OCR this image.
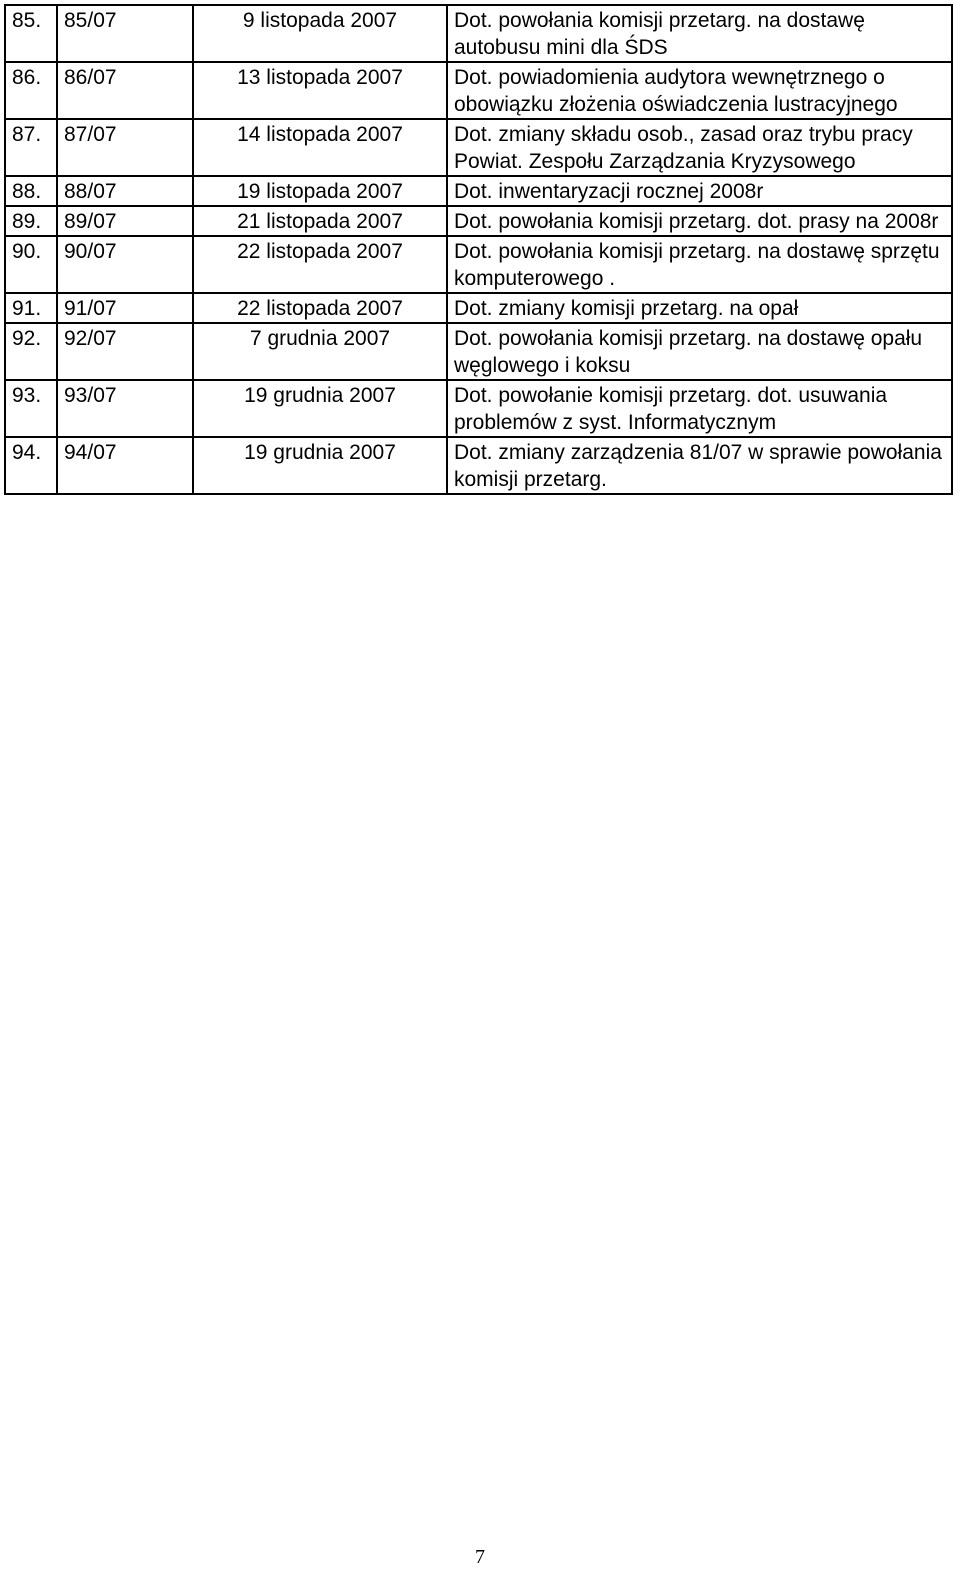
85.	85/07	9 listopada 2007	Dot. powołania komisji przetarg. na dostawę autobusu mini dla ŚDS
86.	86/07	13 listopada 2007	Dot. powiadomienia audytora wewnętrznego o obowiązku złożenia oświadczenia lustracyjnego
87.	87/07	14 listopada 2007	Dot. zmiany składu osob., zasad oraz trybu pracy Powiat. Zespołu Zarządzania Kryzysowego
88.	88/07	19 listopada 2007	Dot. inwentaryzacji rocznej 2008r
89.	89/07	21 listopada 2007	Dot. powołania komisji przetarg. dot. prasy na 2008r
90.	90/07	22 listopada 2007	Dot. powołania komisji przetarg. na dostawę sprzętu komputerowego .
91.	91/07	22 listopada 2007	Dot. zmiany komisji przetarg. na opał
92.	92/07	7 grudnia 2007	Dot. powołania komisji przetarg. na dostawę opału węglowego i koksu
93.	93/07	19 grudnia 2007	Dot. powołanie komisji przetarg. dot. usuwania problemów z syst. Informatycznym
94.	94/07	19 grudnia 2007	Dot. zmiany zarządzenia 81/07 w sprawie powołania komisji przetarg.
7
